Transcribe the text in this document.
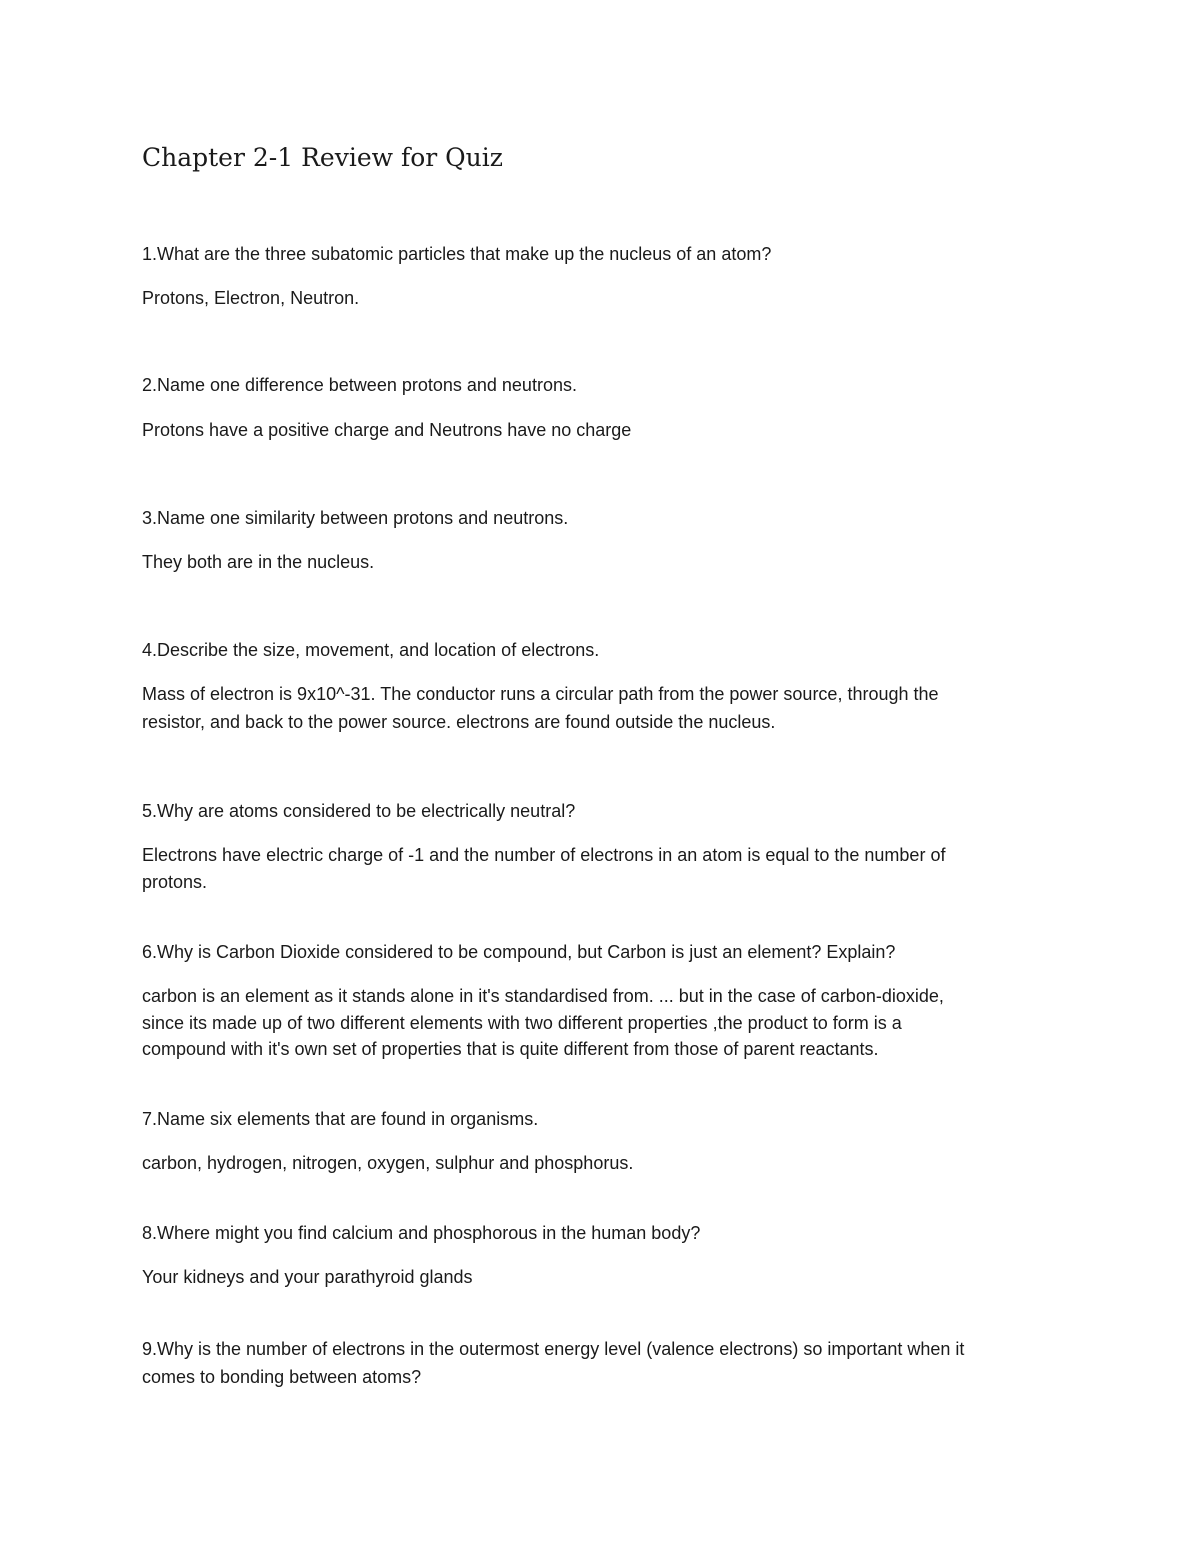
Chapter 2-1 Review for Quiz
1.What are the three subatomic particles that make up the nucleus of an atom?
Protons, Electron, Neutron.
2.Name one difference between protons and neutrons.
Protons have a positive charge and Neutrons have no charge
3.Name one similarity between protons and neutrons.
They both are in the nucleus.
4.Describe the size, movement, and location of electrons.
Mass of electron is 9x10^-31. The conductor runs a circular path from the power source, through the
resistor, and back to the power source. electrons are found outside the nucleus.
5.Why are atoms considered to be electrically neutral?
Electrons have electric charge of -1 and the number of electrons in an atom is equal to the number of
protons.
6.Why is Carbon Dioxide considered to be compound, but Carbon is just an element? Explain?
carbon is an element as it stands alone in it's standardised from. ... but in the case of carbon-dioxide,
since its made up of two different elements with two different properties ,the product to form is a
compound with it's own set of properties that is quite different from those of parent reactants.
7.Name six elements that are found in organisms.
carbon, hydrogen, nitrogen, oxygen, sulphur and phosphorus.
8.Where might you find calcium and phosphorous in the human body?
Your kidneys and your parathyroid glands
9.Why is the number of electrons in the outermost energy level (valence electrons) so important when it
comes to bonding between atoms?
